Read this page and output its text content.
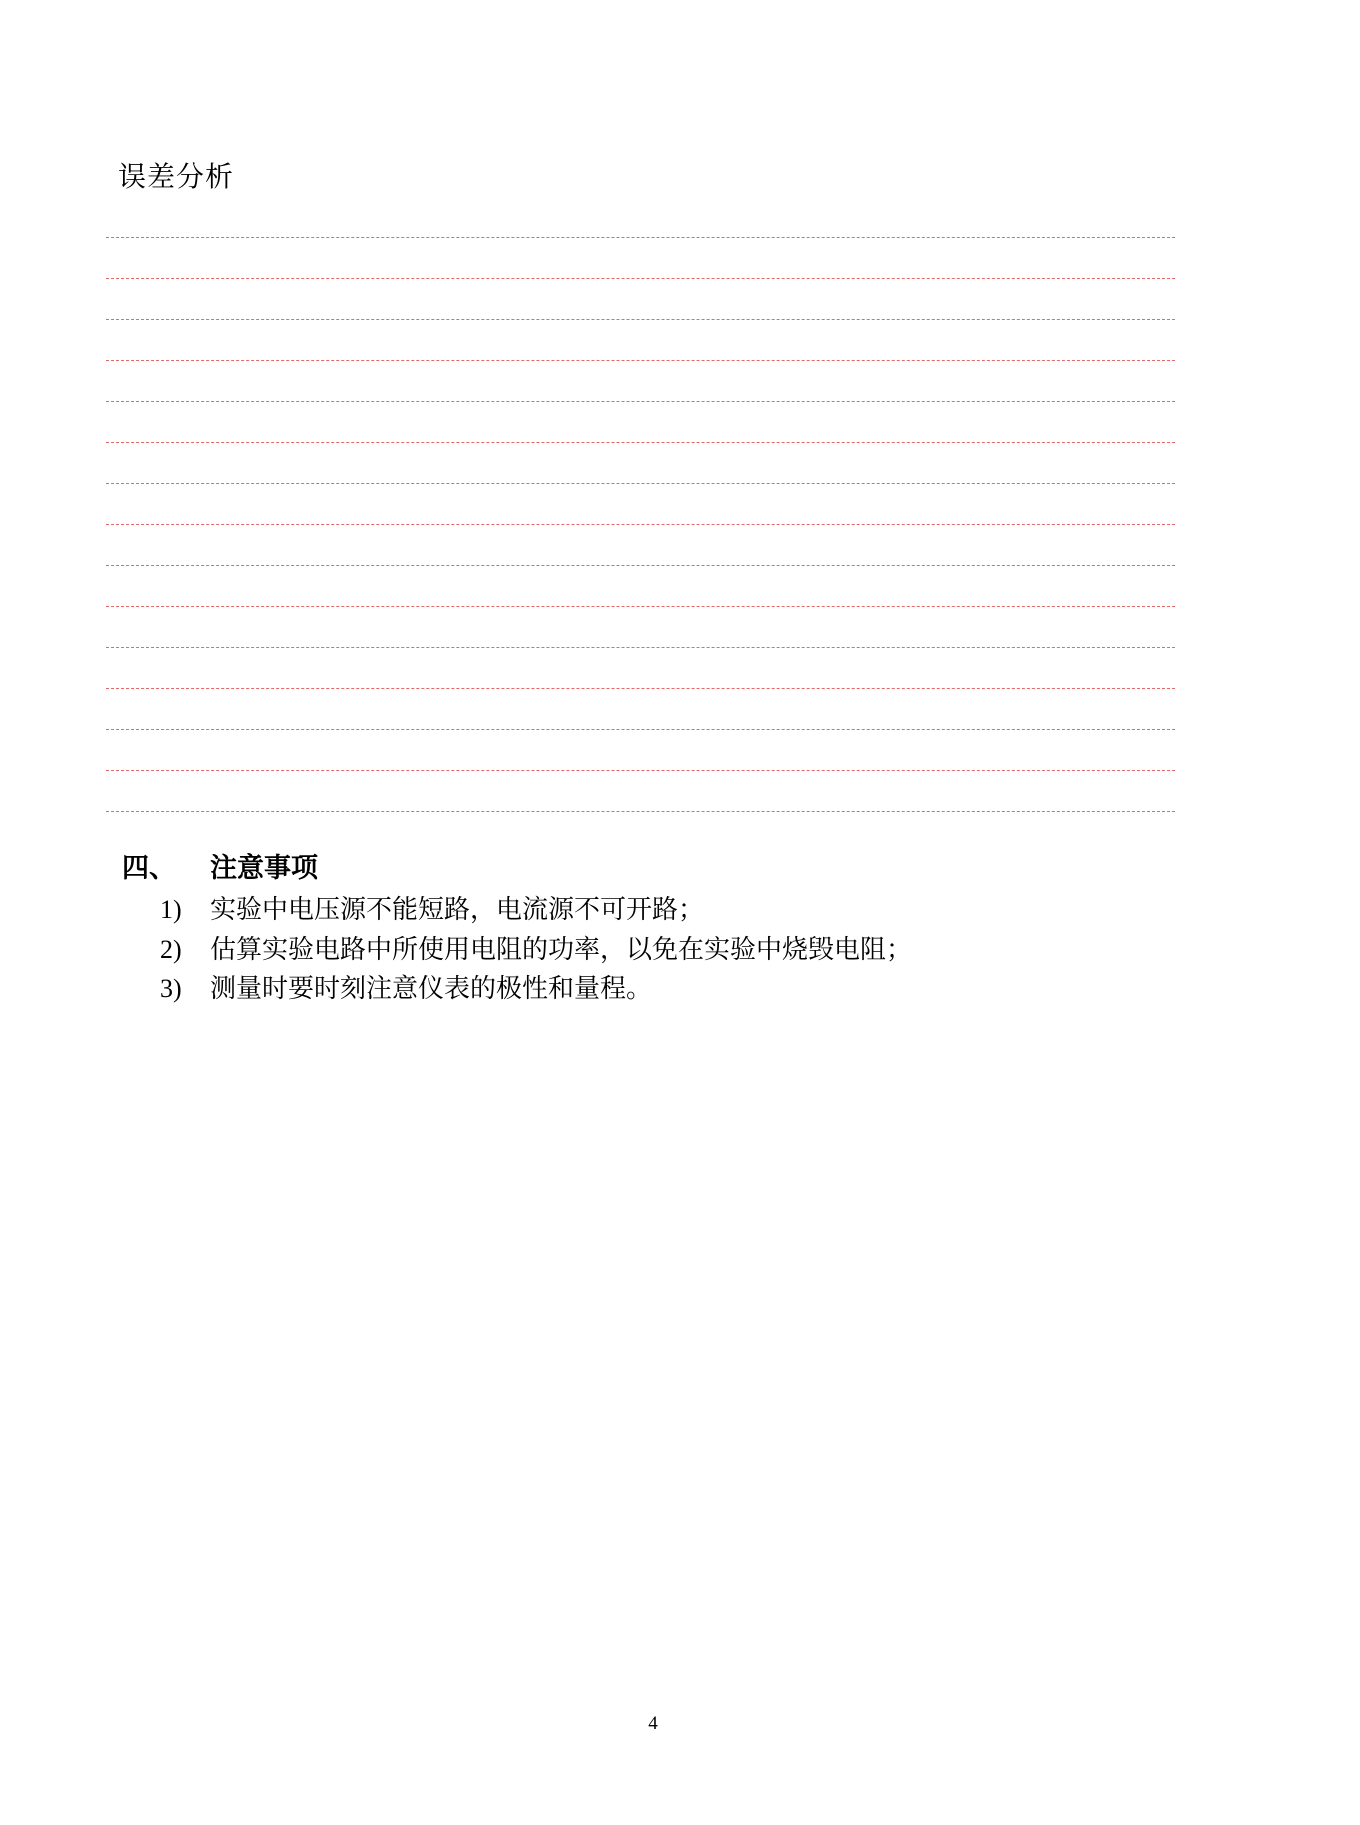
误差分析
四、 注意事项
1) 实验中电压源不能短路，电流源不可开路；
2) 估算实验电路中所使用电阻的功率，以免在实验中烧毁电阻；
3) 测量时要时刻注意仪表的极性和量程。
4
